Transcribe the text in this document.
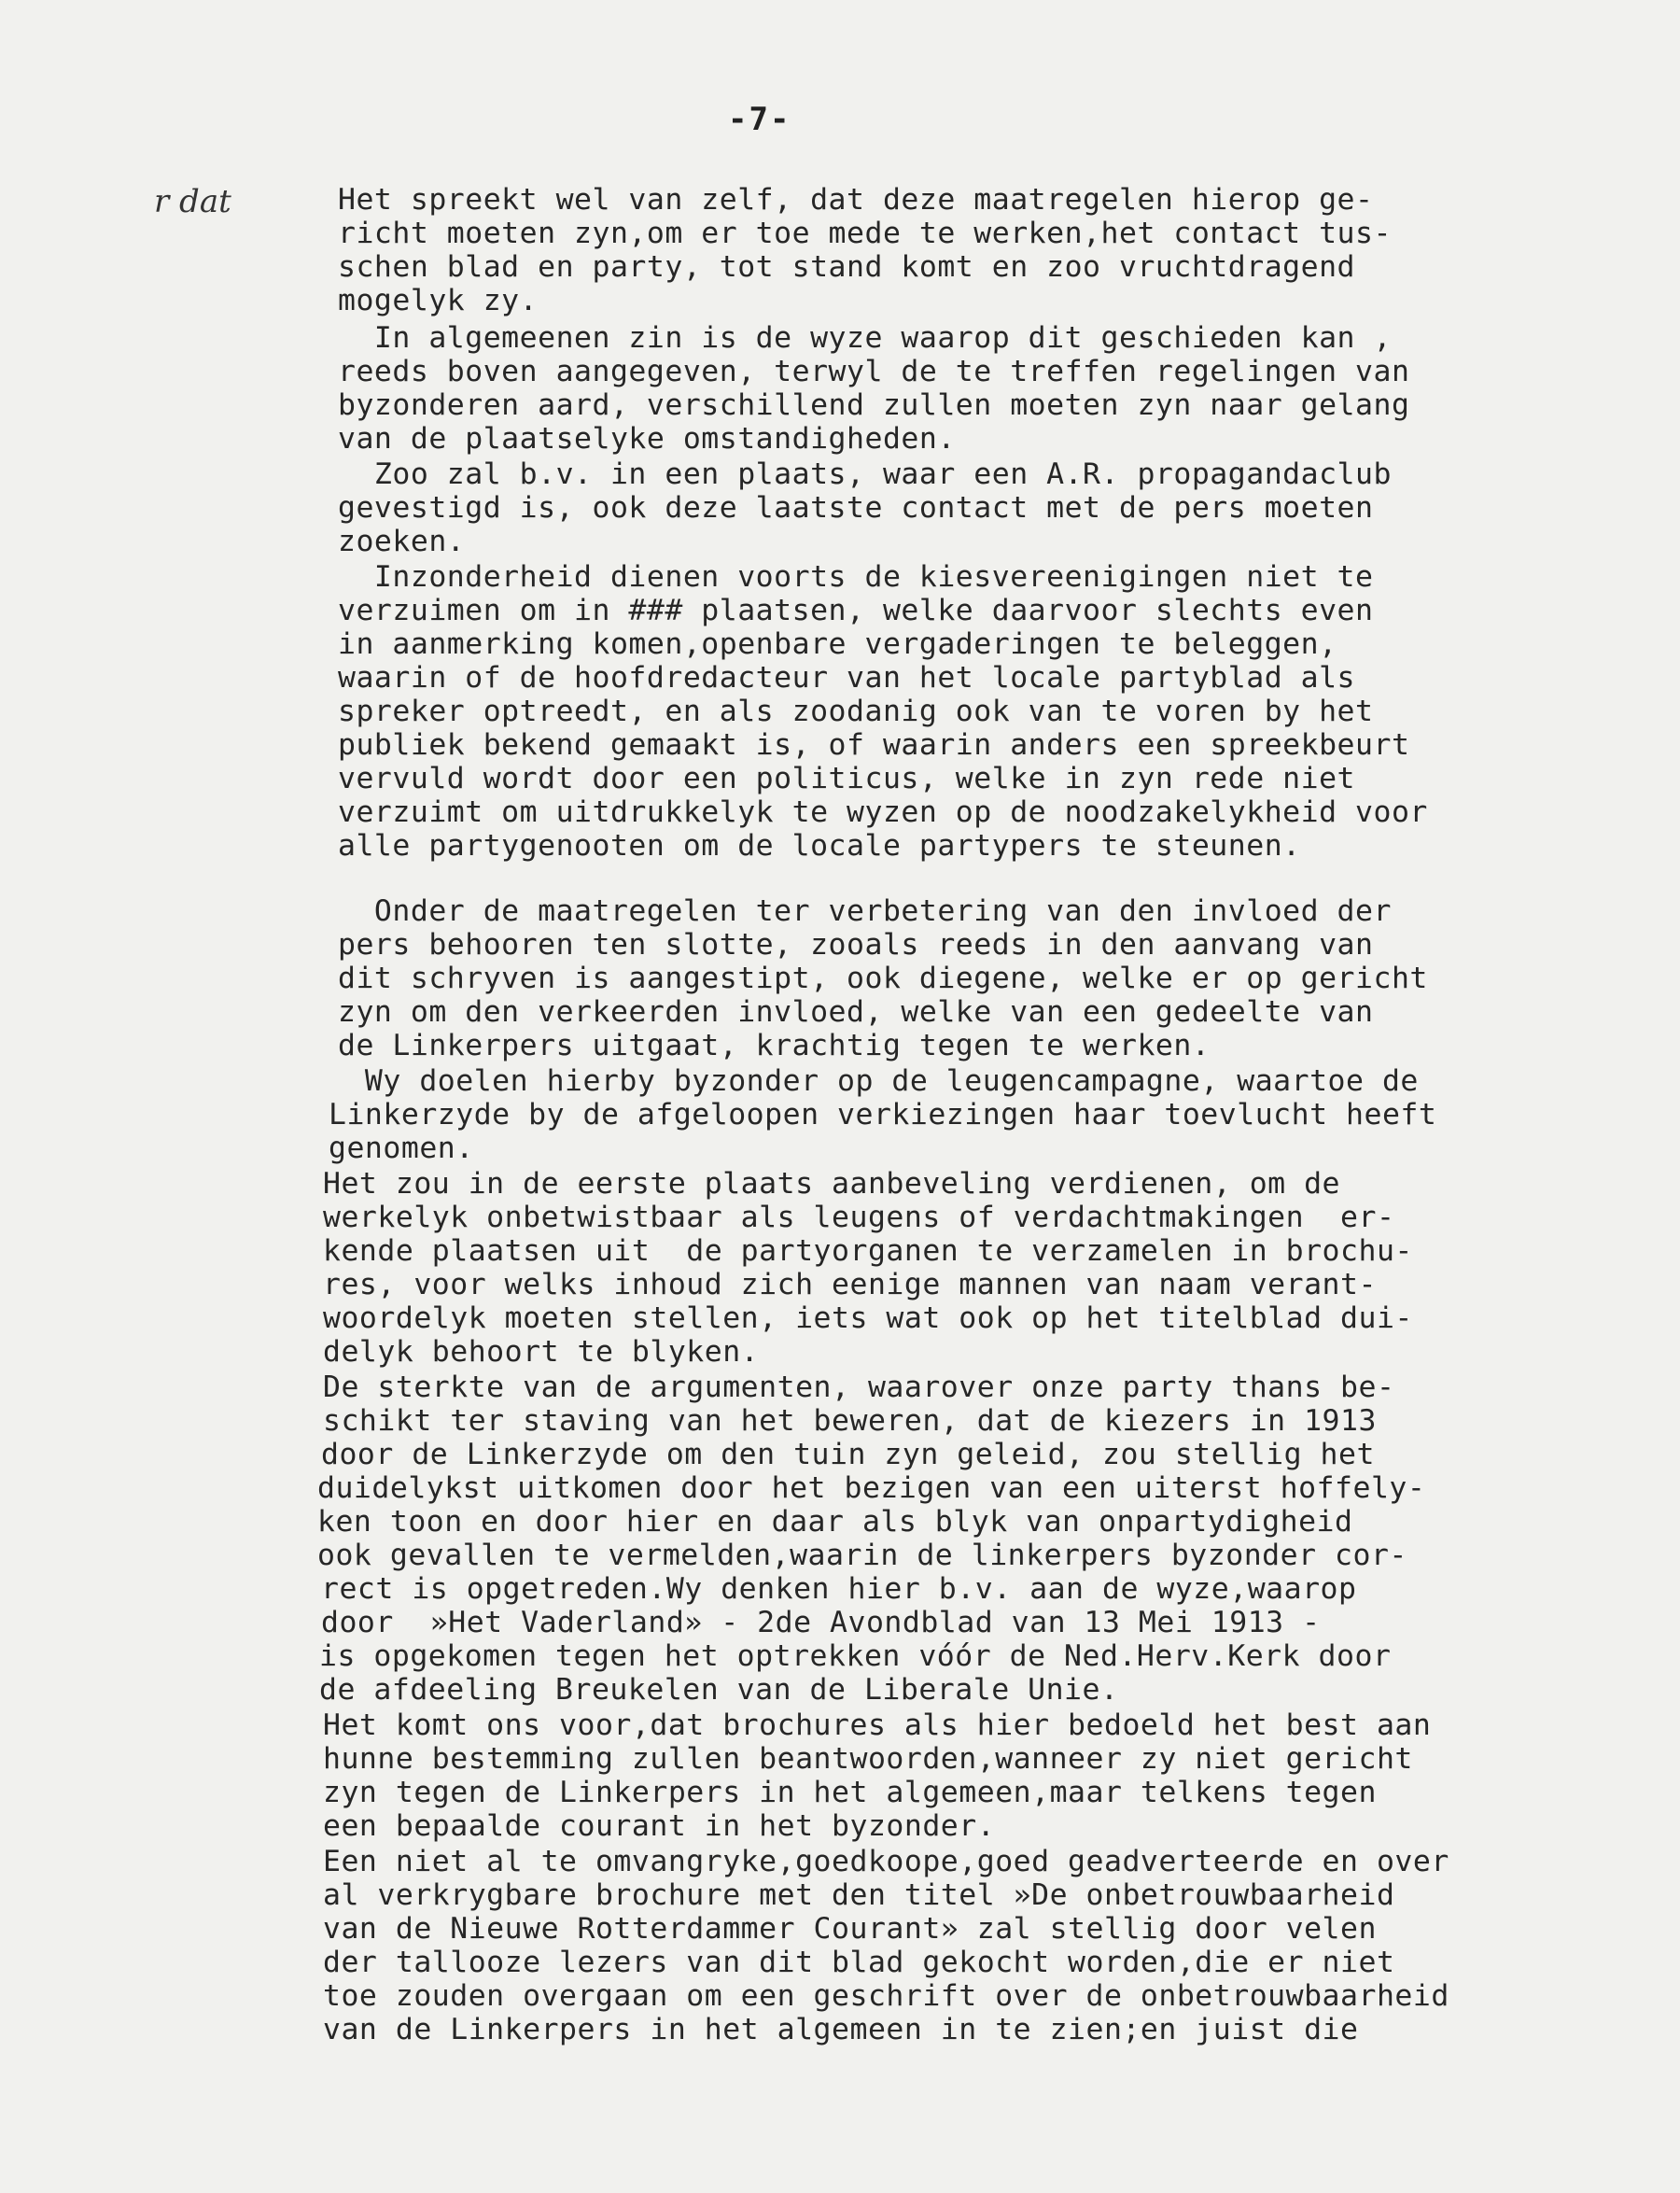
-7-
r dat	Het spreekt wel van zelf, dat deze maatregelen hierop ge-
richt moeten zyn,om er toe mede te werken,het contact tus-
schen blad en party, tot stand komt en zoo vruchtdragend
mogelyk zy.
In algemeenen zin is de wyze waarop dit geschieden kan ,
reeds boven aangegeven, terwyl de te treffen regelingen van
byzonderen aard, verschillend zullen moeten zyn naar gelang
van de plaatselyke omstandigheden.
Zoo zal b.v. in een plaats, waar een A.R. propagandaclub
gevestigd is, ook deze laatste contact met de pers moeten
zoeken.
Inzonderheid dienen voorts de kiesvereenigingen niet te
verzuimen om in ### plaatsen, welke daarvoor slechts even
in aanmerking komen,openbare vergaderingen te beleggen,
waarin of de hoofdredacteur van het locale partyblad als
spreker optreedt, en als zoodanig ook van te voren by het
publiek bekend gemaakt is, of waarin anders een spreekbeurt
vervuld wordt door een politicus, welke in zyn rede niet
verzuimt om uitdrukkelyk te wyzen op de noodzakelykheid voor
alle partygenooten om de locale partypers te steunen.
Onder de maatregelen ter verbetering van den invloed der
pers behooren ten slotte, zooals reeds in den aanvang van
dit schryven is aangestipt, ook diegene, welke er op gericht
zyn om den verkeerden invloed, welke van een gedeelte van
de Linkerpers uitgaat, krachtig tegen te werken.
Wy doelen hierby byzonder op de leugencampagne, waartoe de
Linkerzyde by de afgeloopen verkiezingen haar toevlucht heeft
genomen.
Het zou in de eerste plaats aanbeveling verdienen, om de
werkelyk onbetwistbaar als leugens of verdachtmakingen  er-
kende plaatsen uit  de partyorganen te verzamelen in brochu-
res, voor welks inhoud zich eenige mannen van naam verant-
woordelyk moeten stellen, iets wat ook op het titelblad dui-
delyk behoort te blyken.
De sterkte van de argumenten, waarover onze party thans be-
schikt ter staving van het beweren, dat de kiezers in 1913
door de Linkerzyde om den tuin zyn geleid, zou stellig het
duidelykst uitkomen door het bezigen van een uiterst hoffely-
ken toon en door hier en daar als blyk van onpartydigheid
ook gevallen te vermelden,waarin de linkerpers byzonder cor-
rect is opgetreden.Wy denken hier b.v. aan de wyze,waarop
door  »Het Vaderland» - 2de Avondblad van 13 Mei 1913 -
is opgekomen tegen het optrekken vóór de Ned.Herv.Kerk door
de afdeeling Breukelen van de Liberale Unie.
Het komt ons voor,dat brochures als hier bedoeld het best aan
hunne bestemming zullen beantwoorden,wanneer zy niet gericht
zyn tegen de Linkerpers in het algemeen,maar telkens tegen
een bepaalde courant in het byzonder.
Een niet al te omvangryke,goedkoope,goed geadverteerde en over
al verkrygbare brochure met den titel »De onbetrouwbaarheid
van de Nieuwe Rotterdammer Courant» zal stellig door velen
der tallooze lezers van dit blad gekocht worden,die er niet
toe zouden overgaan om een geschrift over de onbetrouwbaarheid
van de Linkerpers in het algemeen in te zien;en juist die
